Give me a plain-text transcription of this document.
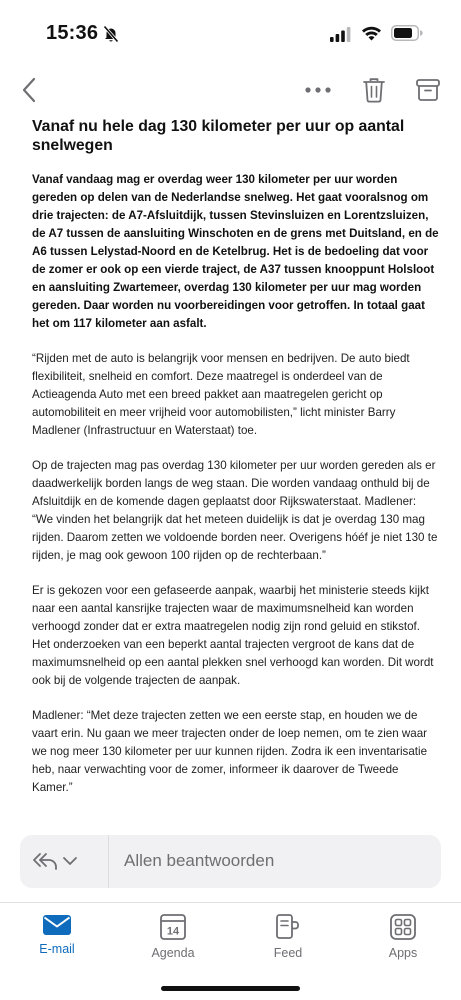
15:36
Vanaf nu hele dag 130 kilometer per uur op aantal snelwegen

Vanaf vandaag mag er overdag weer 130 kilometer per uur worden gereden op delen van de Nederlandse snelweg. Het gaat vooralsnog om drie trajecten: de A7-Afsluitdijk, tussen Stevinsluizen en Lorentzsluizen, de A7 tussen de aansluiting Winschoten en de grens met Duitsland, en de A6 tussen Lelystad-Noord en de Ketelbrug. Het is de bedoeling dat voor de zomer er ook op een vierde traject, de A37 tussen knooppunt Holsloot en aansluiting Zwartemeer, overdag 130 kilometer per uur mag worden gereden. Daar worden nu voorbereidingen voor getroffen. In totaal gaat het om 117 kilometer aan asfalt.

“Rijden met de auto is belangrijk voor mensen en bedrijven. De auto biedt flexibiliteit, snelheid en comfort. Deze maatregel is onderdeel van de Actieagenda Auto met een breed pakket aan maatregelen gericht op automobiliteit en meer vrijheid voor automobilisten,” licht minister Barry Madlener (Infrastructuur en Waterstaat) toe.

Op de trajecten mag pas overdag 130 kilometer per uur worden gereden als er daadwerkelijk borden langs de weg staan. Die worden vandaag onthuld bij de Afsluitdijk en de komende dagen geplaatst door Rijkswaterstaat. Madlener: “We vinden het belangrijk dat het meteen duidelijk is dat je overdag 130 mag rijden. Daarom zetten we voldoende borden neer. Overigens hóéf je niet 130 te rijden, je mag ook gewoon 100 rijden op de rechterbaan.”

Er is gekozen voor een gefaseerde aanpak, waarbij het ministerie steeds kijkt naar een aantal kansrijke trajecten waar de maximumsnelheid kan worden verhoogd zonder dat er extra maatregelen nodig zijn rond geluid en stikstof. Het onderzoeken van een beperkt aantal trajecten vergroot de kans dat de maximumsnelheid op een aantal plekken snel verhoogd kan worden. Dit wordt ook bij de volgende trajecten de aanpak.

Madlener: “Met deze trajecten zetten we een eerste stap, en houden we de vaart erin. Nu gaan we meer trajecten onder de loep nemen, om te zien waar we nog meer 130 kilometer per uur kunnen rijden. Zodra ik een inventarisatie heb, naar verwachting voor de zomer, informeer ik daarover de Tweede Kamer.”

Allen beantwoorden
E-mail
14
Agenda	Feed	Apps
